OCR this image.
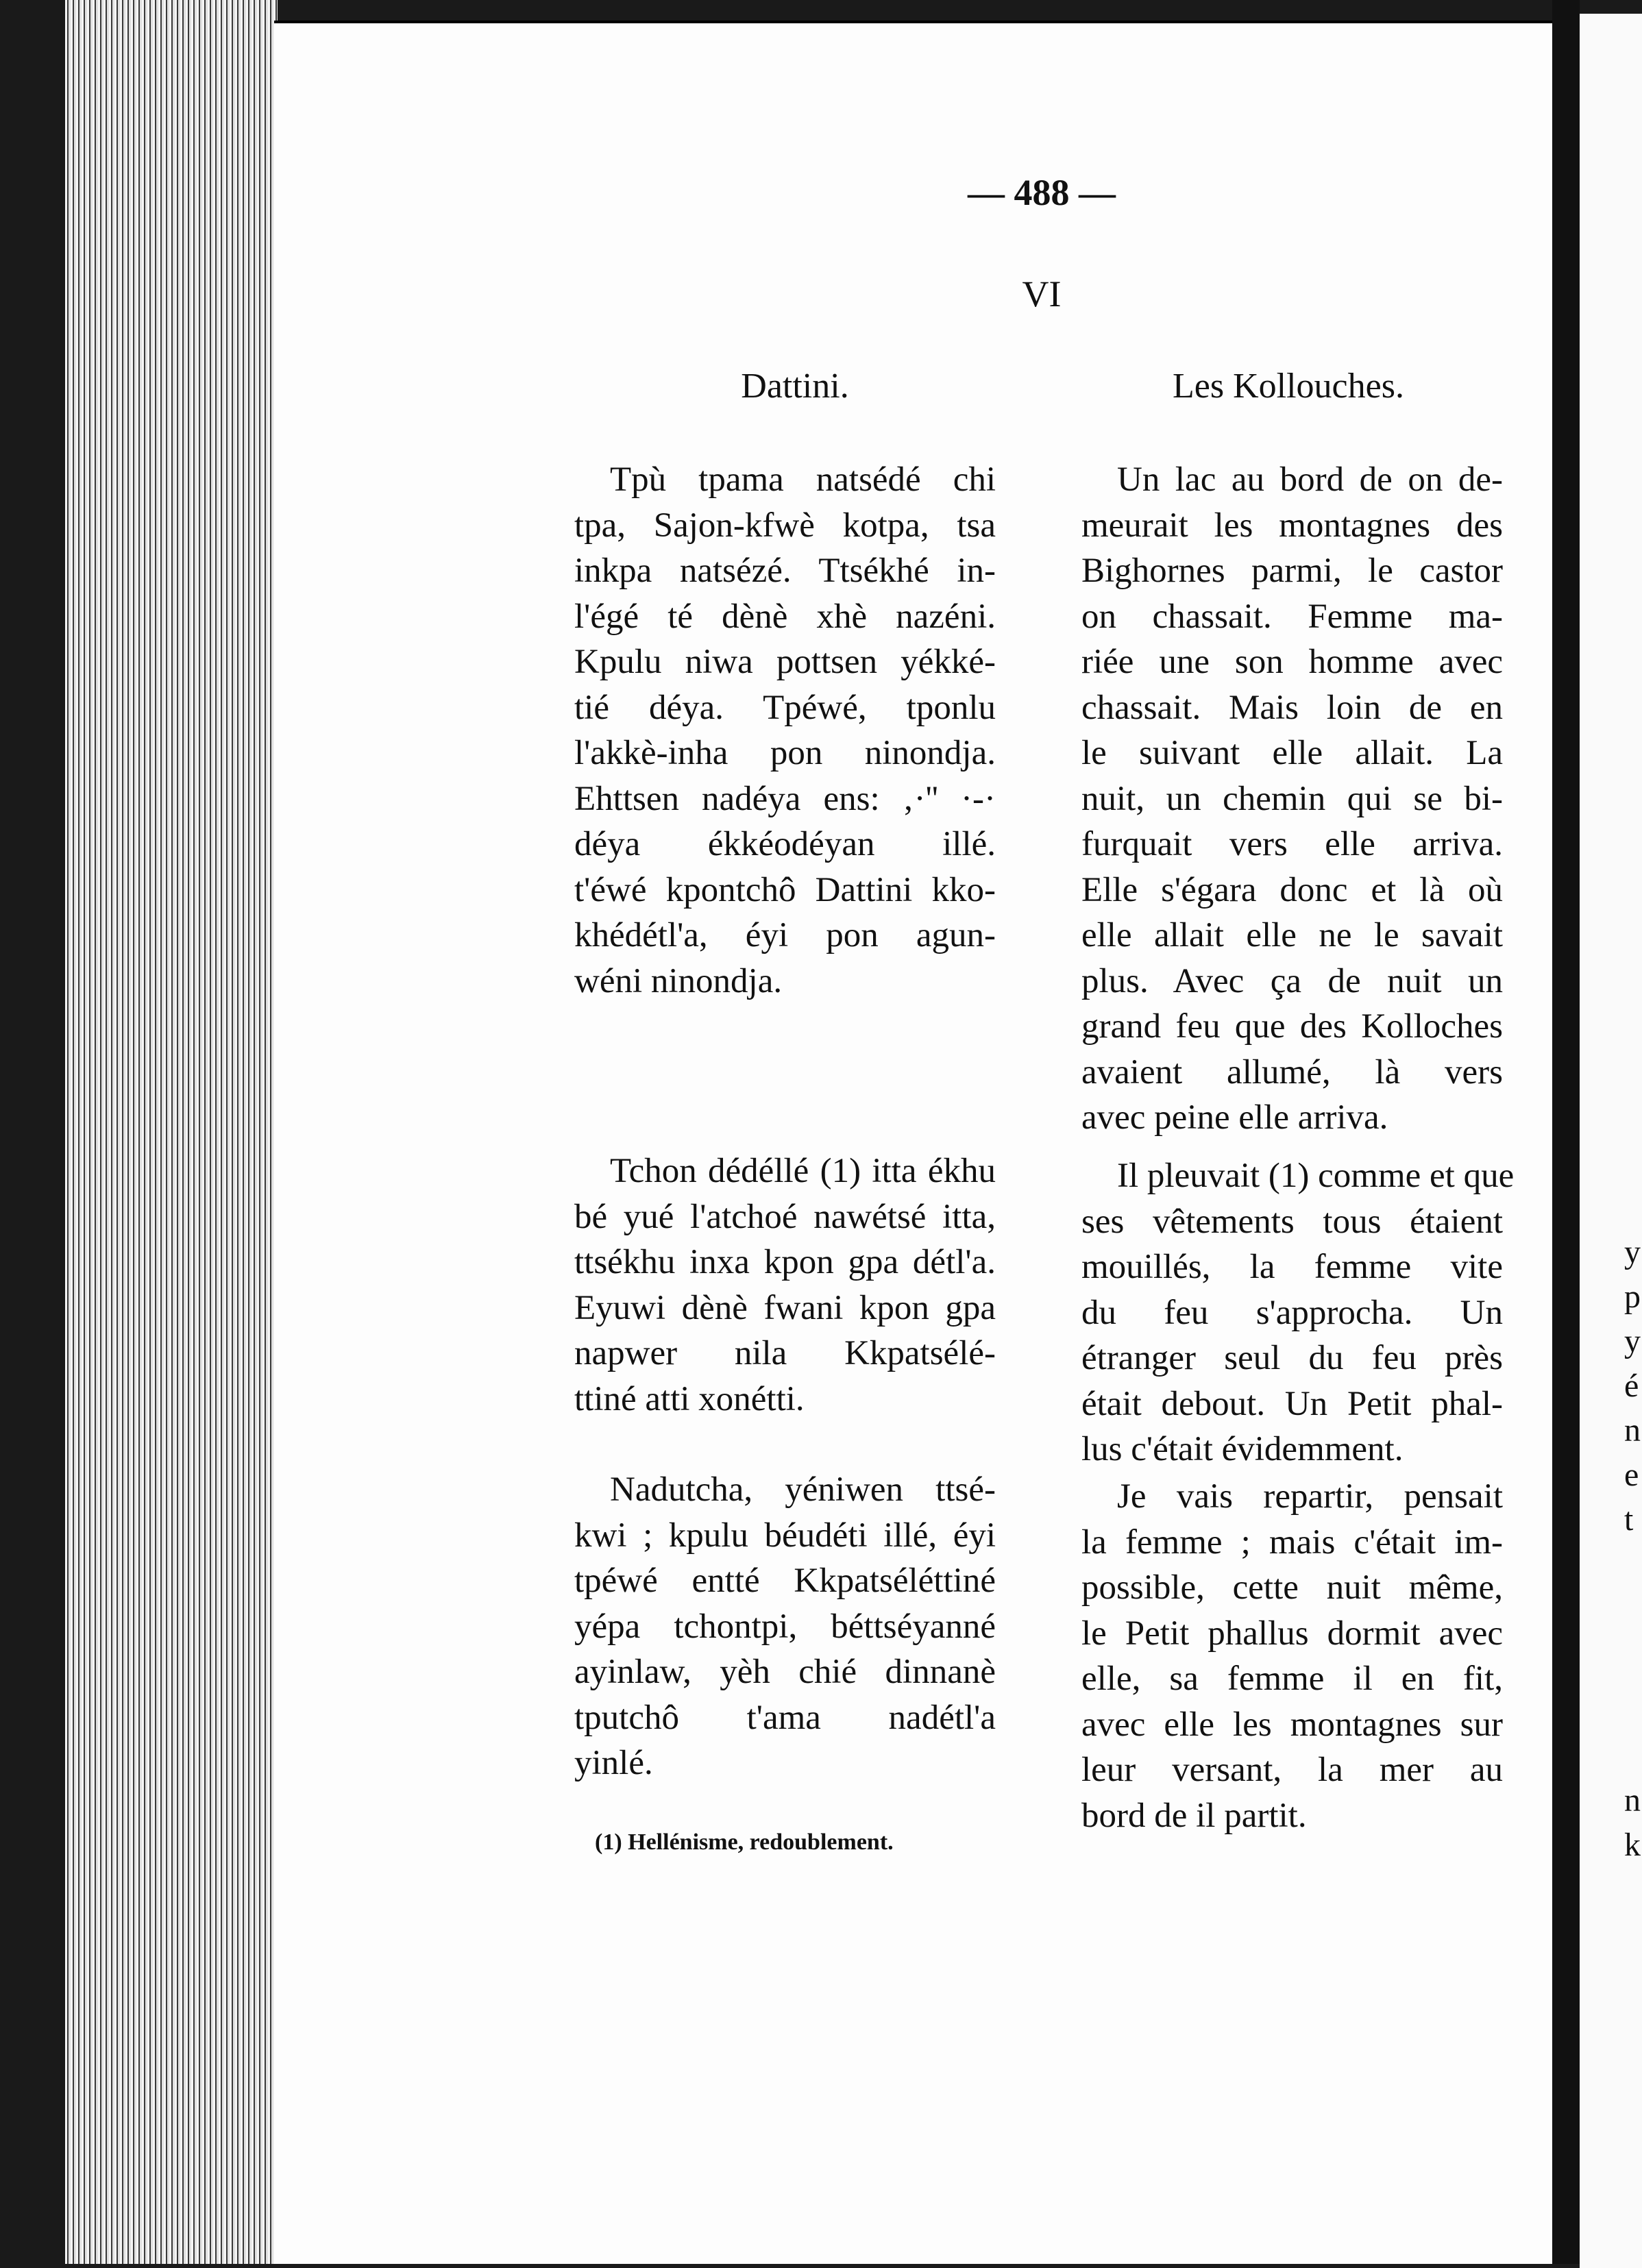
— 488 —
VI
Dattini.	Les Kollouches.
Tpù tpama natsédé chi
tpa, Sajon-kfwè kotpa, tsa
inkpa natsézé. Ttsékhé in-
l'égé té dènè xhè nazéni.
Kpulu niwa pottsen yékké-
tié déya. Tpéwé, tponlu
l'akkè-inha pon ninondja.
Ehttsen nadéya ens: ‚·'' ·-·
déya ékkéodéyan illé.
t'éwé kpontchô Dattini kko-
khédétl'a, éyi pon agun-
wéni ninondja.
Tchon dédéllé (1) itta ékhu
bé yué l'atchoé nawétsé itta,
ttsékhu inxa kpon gpa détl'a.
Eyuwi dènè fwani kpon gpa
napwer nila Kkpatsélé-
ttiné atti xonétti.
Nadutcha, yéniwen ttsé-
kwi ; kpulu béudéti illé, éyi
tpéwé entté Kkpatséléttiné
yépa tchontpi, béttséyanné
ayinlaw, yèh chié dinnanè
tputchô t'ama nadétl'a
yinlé.
(1) Hellénisme, redoublement.
Un lac au bord de on de-
meurait les montagnes des
Bighornes parmi, le castor
on chassait. Femme ma-
riée une son homme avec
chassait. Mais loin de en
le suivant elle allait. La
nuit, un chemin qui se bi-
furquait vers elle arriva.
Elle s'égara donc et là où
elle allait elle ne le savait
plus. Avec ça de nuit un
grand feu que des Kolloches
avaient allumé, là vers
avec peine elle arriva.
Il pleuvait (1) comme et que
ses vêtements tous étaient
mouillés, la femme vite
du feu s'approcha. Un
étranger seul du feu près
était debout. Un Petit phal-
lus c'était évidemment.
Je vais repartir, pensait
la femme ; mais c'était im-
possible, cette nuit même,
le Petit phallus dormit avec
elle, sa femme il en fit,
avec elle les montagnes sur
leur versant, la mer au
bord de il partit.
y
p
y
é
n
e
t
n
k
